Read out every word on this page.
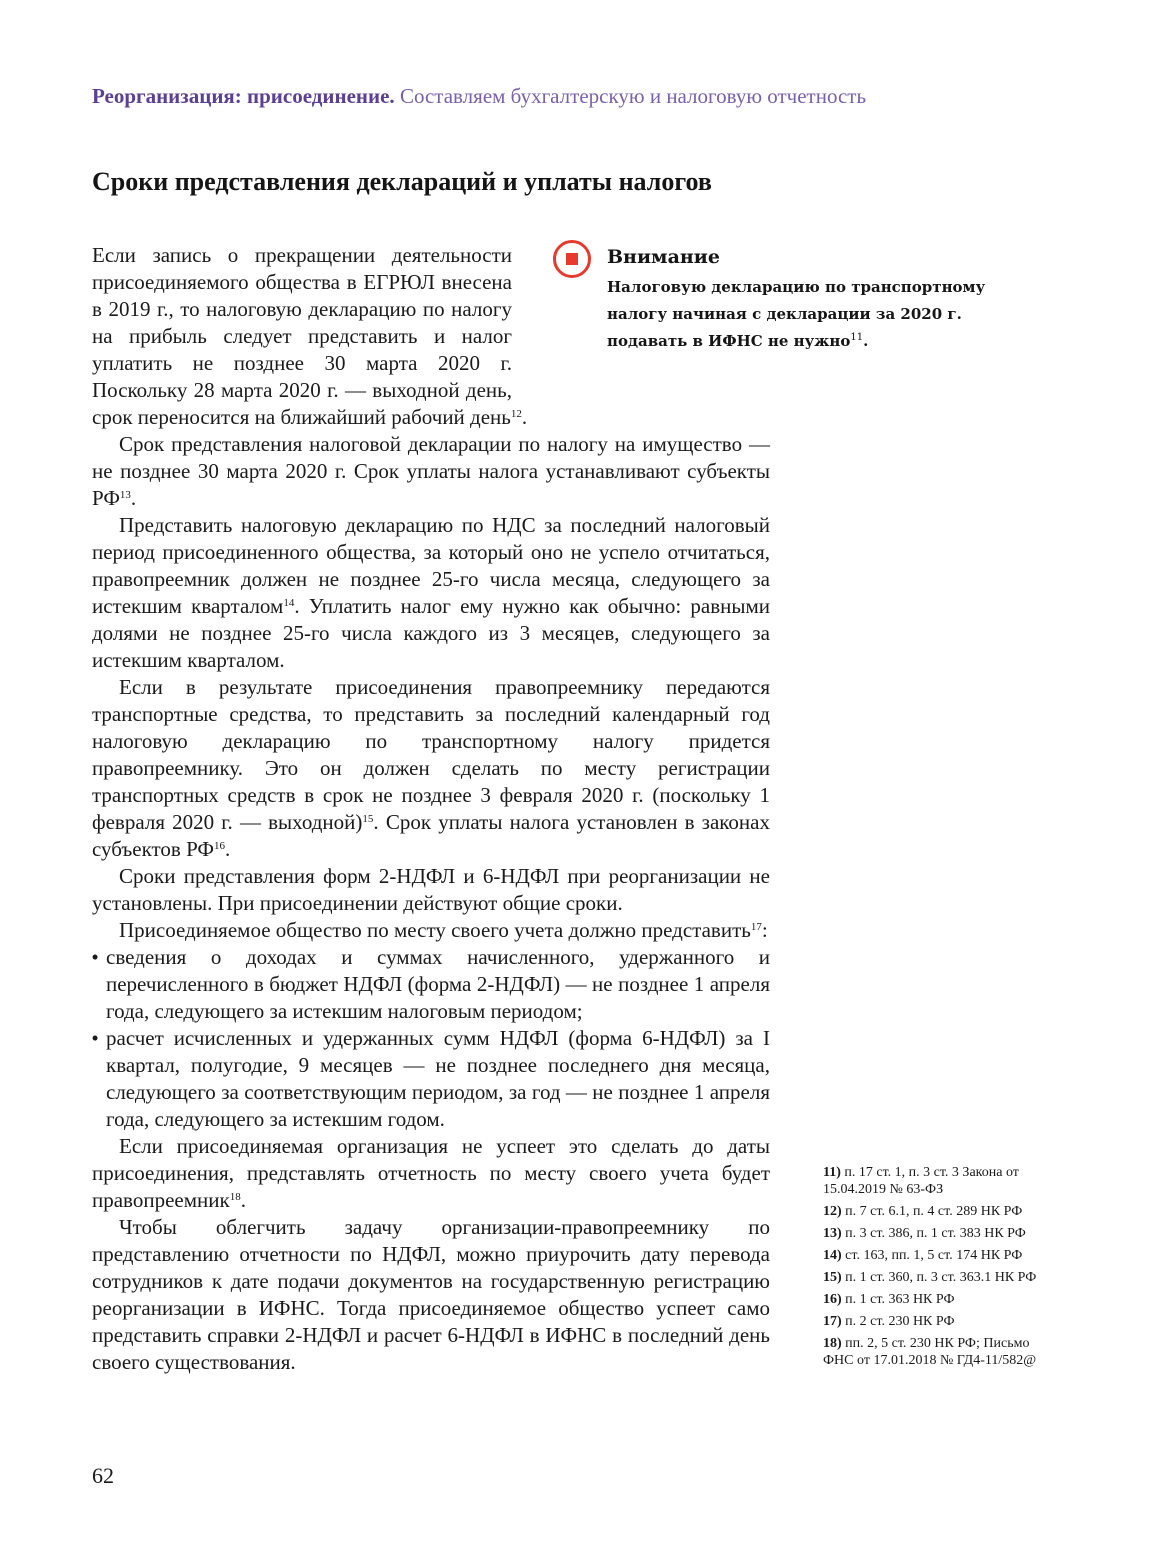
Реорганизация: присоединение. Составляем бухгалтерскую и налоговую отчетность
Сроки представления деклараций и уплаты налогов

Если запись о прекращении деятельности присоединяемого общества в ЕГРЮЛ внесена в 2019 г., то налоговую декларацию по налогу на прибыль следует представить и налог уплатить не позднее 30 марта 2020 г. Поскольку 28 марта 2020 г. — выходной день, срок переносится на ближайший рабочий день$^{12}$.

Срок представления налоговой декларации по налогу на имущество — не позднее 30 марта 2020 г. Срок уплаты налога устанавливают субъекты РФ$^{13}$.

Представить налоговую декларацию по НДС за последний налоговый период присоединенного общества, за который оно не успело отчитаться, правопреемник должен не позднее 25-го числа месяца, следующего за истекшим кварталом$^{14}$. Уплатить налог ему нужно как обычно: равными долями не позднее 25-го числа каждого из 3 месяцев, следующего за истекшим кварталом.

Если в результате присоединения правопреемнику передаются транспортные средства, то представить за последний календарный год налоговую декларацию по транспортному налогу придется правопреемнику. Это он должен сделать по месту регистрации транспортных средств в срок не позднее 3 февраля 2020 г. (поскольку 1 февраля 2020 г. — выходной)$^{15}$. Срок уплаты налога установлен в законах субъектов РФ$^{16}$.

Сроки представления форм 2-НДФЛ и 6-НДФЛ при реорганизации не установлены. При присоединении действуют общие сроки.

Присоединяемое общество по месту своего учета должно представить$^{17}$:

• сведения о доходах и суммах начисленного, удержанного и перечисленного в бюджет НДФЛ (форма 2-НДФЛ) — не позднее 1 апреля года, следующего за истекшим налоговым периодом;
• расчет исчисленных и удержанных сумм НДФЛ (форма 6-НДФЛ) за I квартал, полугодие, 9 месяцев — не позднее последнего дня месяца, следующего за соответствующим периодом, за год — не позднее 1 апреля года, следующего за истекшим годом.

Если присоединяемая организация не успеет это сделать до даты присоединения, представлять отчетность по месту своего учета будет правопреемник$^{18}$.

Чтобы облегчить задачу организации-правопреемнику по представлению отчетности по НДФЛ, можно приурочить дату перевода сотрудников к дате подачи документов на государственную регистрацию реорганизации в ИФНС. Тогда присоединяемое общество успеет само представить справки 2-НДФЛ и расчет 6-НДФЛ в ИФНС в последний день своего существования.

Внимание
Налоговую декларацию по транспортному налогу начиная с декларации за 2020 г. подавать в ИФНС не нужно$^{11}$.
11) п. 17 ст. 1, п. 3 ст. 3 Закона от 15.04.2019 № 63-ФЗ
12) п. 7 ст. 6.1, п. 4 ст. 289 НК РФ
13) п. 3 ст. 386, п. 1 ст. 383 НК РФ
14) ст. 163, пп. 1, 5 ст. 174 НК РФ
15) п. 1 ст. 360, п. 3 ст. 363.1 НК РФ
16) п. 1 ст. 363 НК РФ
17) п. 2 ст. 230 НК РФ
18) пп. 2, 5 ст. 230 НК РФ; Письмо ФНС от 17.01.2018 № ГД4-11/582@
62
